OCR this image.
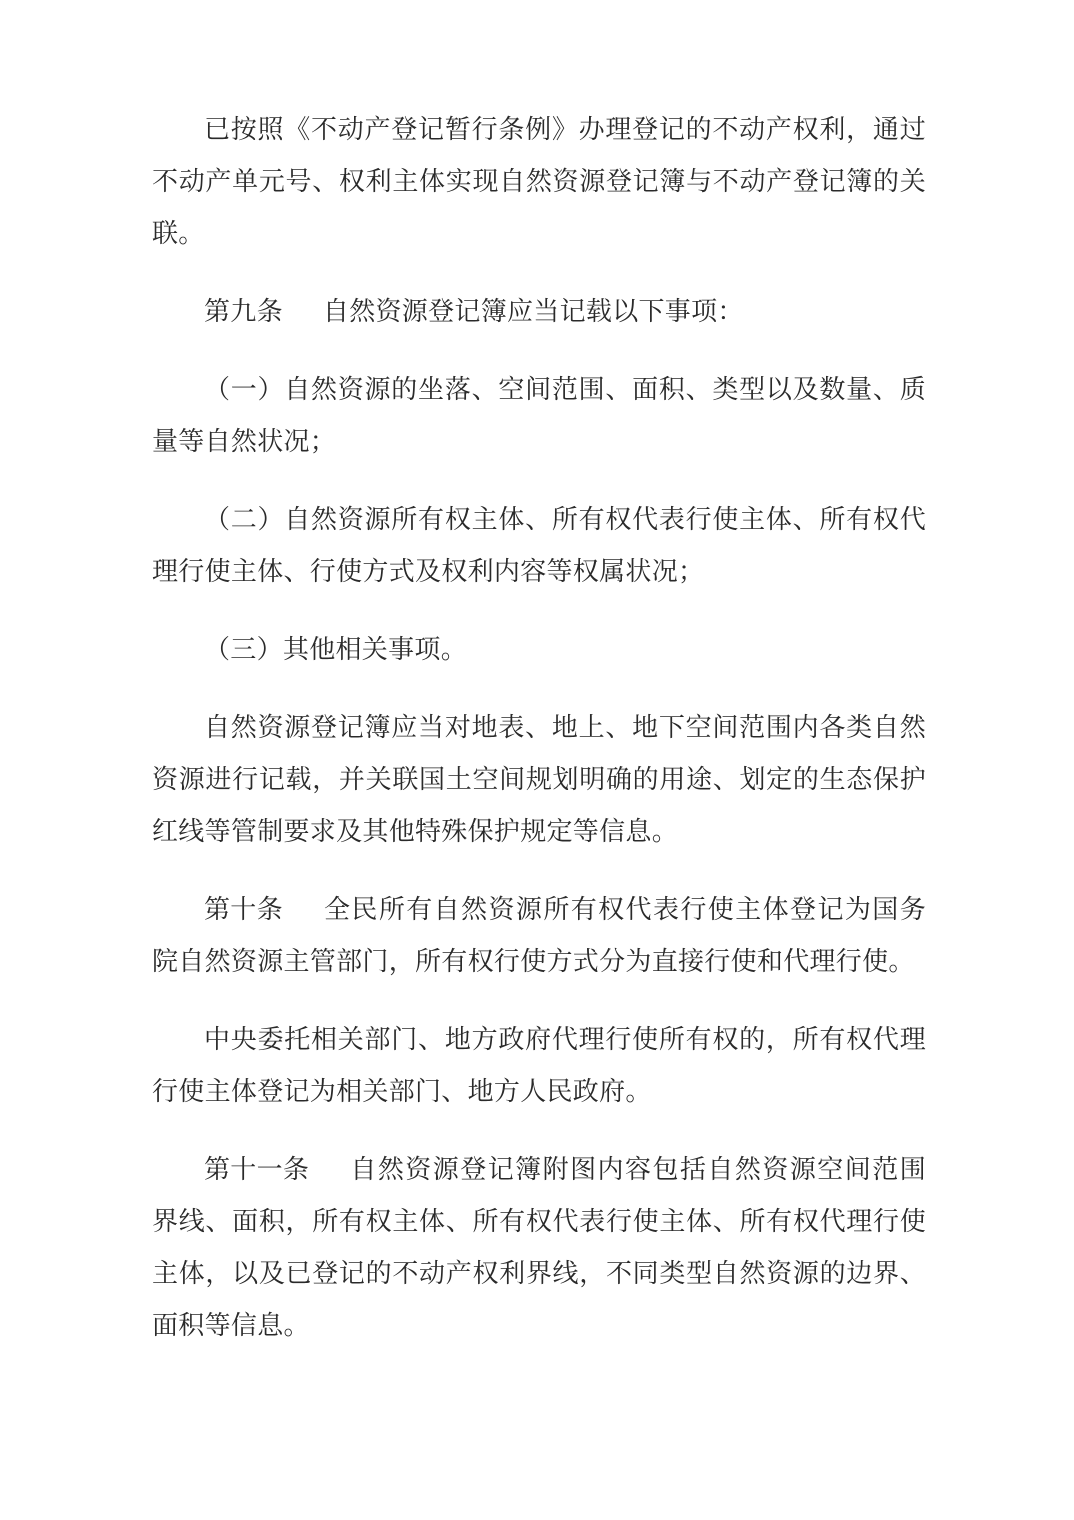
已按照《不动产登记暂行条例》办理登记的不动产权利，通过不动产单元号、权利主体实现自然资源登记簿与不动产登记簿的关联。

第九条 自然资源登记簿应当记载以下事项：

（一）自然资源的坐落、空间范围、面积、类型以及数量、质量等自然状况；

（二）自然资源所有权主体、所有权代表行使主体、所有权代理行使主体、行使方式及权利内容等权属状况；

（三）其他相关事项。

自然资源登记簿应当对地表、地上、地下空间范围内各类自然资源进行记载，并关联国土空间规划明确的用途、划定的生态保护红线等管制要求及其他特殊保护规定等信息。

第十条 全民所有自然资源所有权代表行使主体登记为国务院自然资源主管部门，所有权行使方式分为直接行使和代理行使。

中央委托相关部门、地方政府代理行使所有权的，所有权代理行使主体登记为相关部门、地方人民政府。

第十一条 自然资源登记簿附图内容包括自然资源空间范围界线、面积，所有权主体、所有权代表行使主体、所有权代理行使主体，以及已登记的不动产权利界线，不同类型自然资源的边界、面积等信息。
